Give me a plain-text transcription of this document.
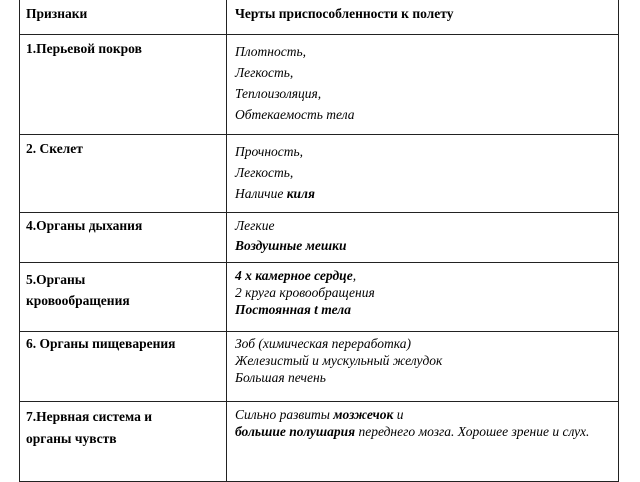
Признаки	Черты приспособленности к полету
1.Перьевой покров	Плотность,
Легкость,
Теплоизоляция,
Обтекаемость тела

2. Скелет	Прочность,
Легкость,
Наличие киля

4.Органы дыхания	Легкие
Воздушные мешки

5.Органы кровообращения	4 х камерное сердце,
2 круга кровообращения
Постоянная t тела

6. Органы пищеварения	Зоб (химическая переработка)
Железистый и мускульный желудок
Большая печень

7.Нервная система и органы чувств	Сильно развиты мозжечок и
большие полушария переднего мозга. Хорошее зрение и слух.
